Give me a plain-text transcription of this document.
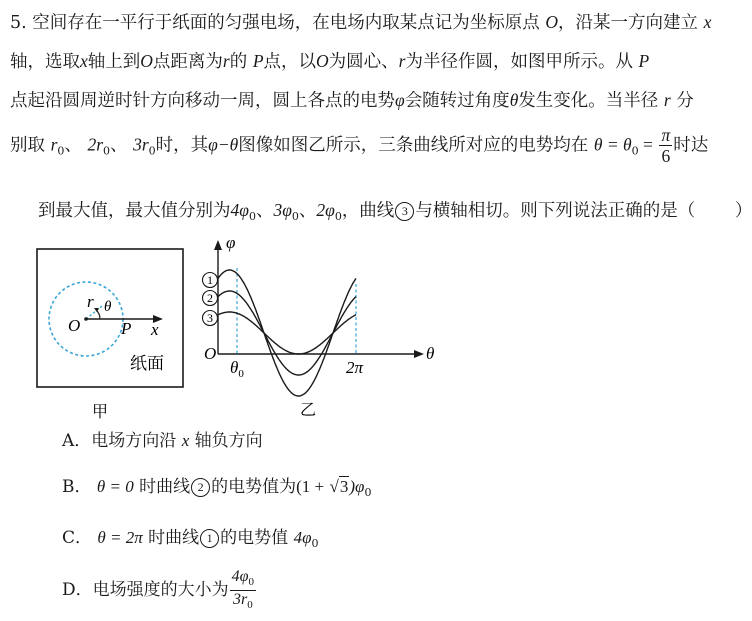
5. 空间存在一平行于纸面的匀强电场，在电场内取某点记为坐标原点 O，沿某一方向建立 x
轴，选取x轴上到O点距离为r的 P点，以O为圆心、r为半径作圆，如图甲所示。从 P
点起沿圆周逆时针方向移动一周，圆上各点的电势φ会随转过角度θ发生变化。当半径 r 分
别取 $r_0$、 $2r_0$、 $3r_0$时，其φ−θ图像如图乙所示，三条曲线所对应的电势均在 $\theta = \theta_0 = \frac{\pi}{6}$ 时达
到最大值，最大值分别为$4\varphi_0$、$3\varphi_0$、$2\varphi_0$，曲线 3 与横轴相切。则下列说法正确的是（ ）
r θ
O P x
纸面
甲
φ
θ
O
$\theta_0$	2π
1
2
3
乙
A．电场方向沿 x 轴负方向
B． θ = 0 时曲线 2 的电势值为$(1 + √3)\varphi_0$
C． θ = 2π 时曲线 1 的电势值 $4\varphi_0$
D．电场强度的大小为 $\frac{4\varphi_0}{3r_0}$
